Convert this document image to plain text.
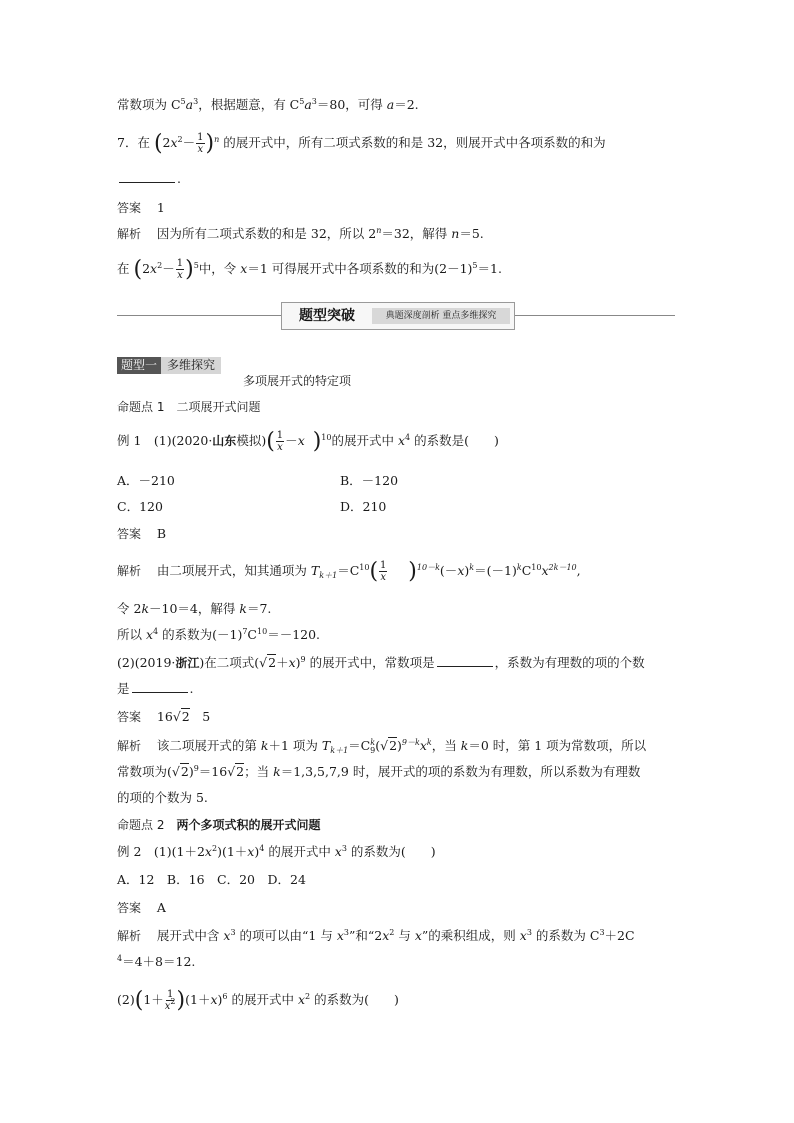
常数项为 $C^5a^3$，根据题意，有 $C^5a^3=80$，可得 a＝2.
7．在 $(2x^2- \frac{1}{x} )^n$ 的展开式中，所有二项式系数的和是 32，则展开式中各项系数的和为
.
答案 1
解析 因为所有二项式系数的和是 32，所以 $2^n=32$，解得 n＝5.
在 $(2x^2- \frac{1}{x} )^5$中，令 x＝1 可得展开式中各项系数的和为$(2-1)^5=1$.
题型突破	典题深度剖析 重点多维探究
题型一 多维探究
多项展开式的特定项
命题点 1　二项展开式问题
例 1　(1)(2020·山东模拟)( $\frac{1}{x} -x$ )$^{10}$的展开式中 $x^4$ 的系数是(　　)
A．－210	B．－120
C．120	D．210
答案 B
解析 由二项展开式，知其通项为 $T_{k+1}=C^{10}( \frac{1}{x} )^{10-k}(-x)^k=(-1)^kC^{10}x^{2k-10}$,
令 2k－10＝4，解得 k＝7.
所以 $x^4$ 的系数为$(-1)^7C^{10}=-120$.
(2)(2019·浙江)在二项式$(√2+x)^9$ 的展开式中，常数项是	，系数为有理数的项的个数
是	.
答案 16√2　5
解析 该二项展开式的第 k＋1 项为 $T_{k+1}=C^k_9(√2)^{9-k}x^k$，当 k＝0 时，第 1 项为常数项，所以
常数项为$(√2)^9=16√2$；当 k＝1,3,5,7,9 时，展开式的项的系数为有理数，所以系数为有理数
的项的个数为 5.
命题点 2　两个多项式积的展开式问题
例 2　$(1)(1+2x^2)(1+x)^4$ 的展开式中 $x^3$ 的系数为(　　)
A．12　B．16　C．20　D．24
答案 A
解析 展开式中含 $x^3$ 的项可以由“1 与 $x^3$”和“$2x^2$ 与 x”的乘积组成，则 $x^3$ 的系数为 $C^3+2C$
$^4$＝4＋8＝12.
$(2)(1+ \frac{1}{x^2} )(1+x)^6$ 的展开式中 $x^2$ 的系数为(　　)
